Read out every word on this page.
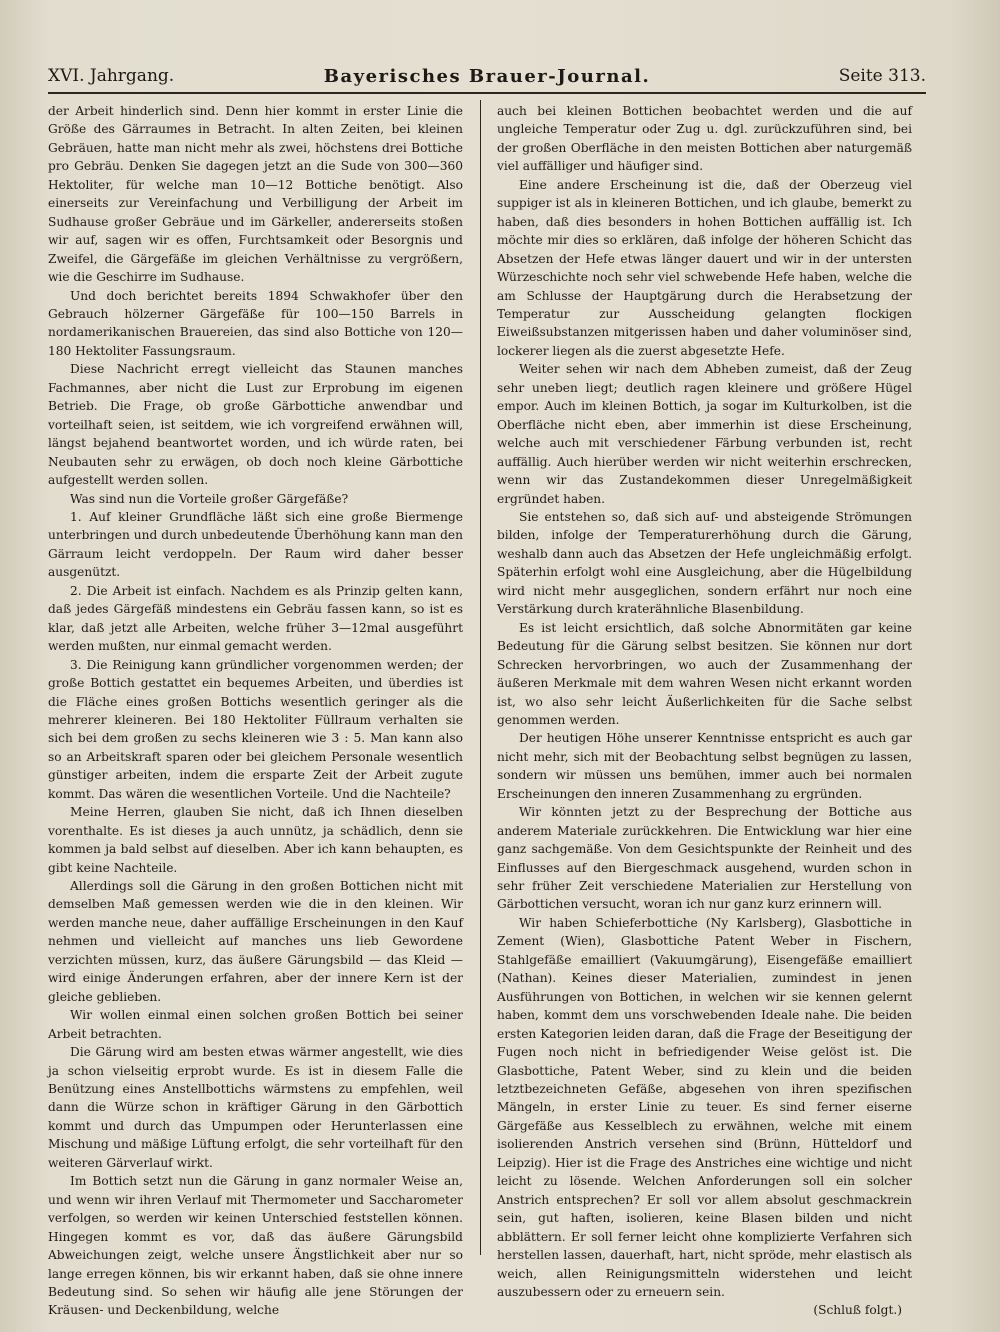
XVI. Jahrgang.	Bayerisches Brauer-Journal.	Seite 313.

der Arbeit hinderlich sind. Denn hier kommt in erster Linie die Größe des Gärraumes in Betracht. In alten Zeiten, bei kleinen Gebräuen, hatte man nicht mehr als zwei, höchstens drei Bottiche pro Gebräu. Denken Sie dagegen jetzt an die Sude von 300—360 Hektoliter, für welche man 10—12 Bottiche benötigt. Also einerseits zur Vereinfachung und Verbilligung der Arbeit im Sudhause großer Gebräue und im Gärkeller, andererseits stoßen wir auf, sagen wir es offen, Furchtsamkeit oder Besorgnis und Zweifel, die Gärgefäße im gleichen Verhältnisse zu vergrößern, wie die Geschirre im Sudhause.

Und doch berichtet bereits 1894 Schwakhofer über den Gebrauch hölzerner Gärgefäße für 100—150 Barrels in nordamerikanischen Brauereien, das sind also Bottiche von 120—180 Hektoliter Fassungsraum.

Diese Nachricht erregt vielleicht das Staunen manches Fachmannes, aber nicht die Lust zur Erprobung im eigenen Betrieb. Die Frage, ob große Gärbottiche anwendbar und vorteilhaft seien, ist seitdem, wie ich vorgreifend erwähnen will, längst bejahend beantwortet worden, und ich würde raten, bei Neubauten sehr zu erwägen, ob doch noch kleine Gärbottiche aufgestellt werden sollen.

Was sind nun die Vorteile großer Gärgefäße?

1. Auf kleiner Grundfläche läßt sich eine große Biermenge unterbringen und durch unbedeutende Überhöhung kann man den Gärraum leicht verdoppeln. Der Raum wird daher besser ausgenützt.

2. Die Arbeit ist einfach. Nachdem es als Prinzip gelten kann, daß jedes Gärgefäß mindestens ein Gebräu fassen kann, so ist es klar, daß jetzt alle Arbeiten, welche früher 3—12mal ausgeführt werden mußten, nur einmal gemacht werden.

3. Die Reinigung kann gründlicher vorgenommen werden; der große Bottich gestattet ein bequemes Arbeiten, und überdies ist die Fläche eines großen Bottichs wesentlich geringer als die mehrerer kleineren. Bei 180 Hektoliter Füllraum verhalten sie sich bei dem großen zu sechs kleineren wie 3 : 5. Man kann also so an Arbeitskraft sparen oder bei gleichem Personale wesentlich günstiger arbeiten, indem die ersparte Zeit der Arbeit zugute kommt. Das wären die wesentlichen Vorteile. Und die Nachteile?

Meine Herren, glauben Sie nicht, daß ich Ihnen dieselben vorenthalte. Es ist dieses ja auch unnütz, ja schädlich, denn sie kommen ja bald selbst auf dieselben. Aber ich kann behaupten, es gibt keine Nachteile.

Allerdings soll die Gärung in den großen Bottichen nicht mit demselben Maß gemessen werden wie die in den kleinen. Wir werden manche neue, daher auffällige Erscheinungen in den Kauf nehmen und vielleicht auf manches uns lieb Gewordene verzichten müssen, kurz, das äußere Gärungsbild — das Kleid — wird einige Änderungen erfahren, aber der innere Kern ist der gleiche geblieben.

Wir wollen einmal einen solchen großen Bottich bei seiner Arbeit betrachten.

Die Gärung wird am besten etwas wärmer angestellt, wie dies ja schon vielseitig erprobt wurde. Es ist in diesem Falle die Benützung eines Anstellbottichs wärmstens zu empfehlen, weil dann die Würze schon in kräftiger Gärung in den Gärbottich kommt und durch das Umpumpen oder Herunterlassen eine Mischung und mäßige Lüftung erfolgt, die sehr vorteilhaft für den weiteren Gärverlauf wirkt.

Im Bottich setzt nun die Gärung in ganz normaler Weise an, und wenn wir ihren Verlauf mit Thermometer und Saccharometer verfolgen, so werden wir keinen Unterschied feststellen können. Hingegen kommt es vor, daß das äußere Gärungsbild Abweichungen zeigt, welche unsere Ängstlichkeit aber nur so lange erregen können, bis wir erkannt haben, daß sie ohne innere Bedeutung sind. So sehen wir häufig alle jene Störungen der Kräusen- und Deckenbildung, welche

auch bei kleinen Bottichen beobachtet werden und die auf ungleiche Temperatur oder Zug u. dgl. zurückzuführen sind, bei der großen Oberfläche in den meisten Bottichen aber naturgemäß viel auffälliger und häufiger sind.

Eine andere Erscheinung ist die, daß der Oberzeug viel suppiger ist als in kleineren Bottichen, und ich glaube, bemerkt zu haben, daß dies besonders in hohen Bottichen auffällig ist. Ich möchte mir dies so erklären, daß infolge der höheren Schicht das Absetzen der Hefe etwas länger dauert und wir in der untersten Würzeschichte noch sehr viel schwebende Hefe haben, welche die am Schlusse der Hauptgärung durch die Herabsetzung der Temperatur zur Ausscheidung gelangten flockigen Eiweißsubstanzen mitgerissen haben und daher voluminöser sind, lockerer liegen als die zuerst abgesetzte Hefe.

Weiter sehen wir nach dem Abheben zumeist, daß der Zeug sehr uneben liegt; deutlich ragen kleinere und größere Hügel empor. Auch im kleinen Bottich, ja sogar im Kulturkolben, ist die Oberfläche nicht eben, aber immerhin ist diese Erscheinung, welche auch mit verschiedener Färbung verbunden ist, recht auffällig. Auch hierüber werden wir nicht weiterhin erschrecken, wenn wir das Zustandekommen dieser Unregelmäßigkeit ergründet haben.

Sie entstehen so, daß sich auf- und absteigende Strömungen bilden, infolge der Temperaturerhöhung durch die Gärung, weshalb dann auch das Absetzen der Hefe ungleichmäßig erfolgt. Späterhin erfolgt wohl eine Ausgleichung, aber die Hügelbildung wird nicht mehr ausgeglichen, sondern erfährt nur noch eine Verstärkung durch kraterähnliche Blasenbildung.

Es ist leicht ersichtlich, daß solche Abnormitäten gar keine Bedeutung für die Gärung selbst besitzen. Sie können nur dort Schrecken hervorbringen, wo auch der Zusammenhang der äußeren Merkmale mit dem wahren Wesen nicht erkannt worden ist, wo also sehr leicht Äußerlichkeiten für die Sache selbst genommen werden.

Der heutigen Höhe unserer Kenntnisse entspricht es auch gar nicht mehr, sich mit der Beobachtung selbst begnügen zu lassen, sondern wir müssen uns bemühen, immer auch bei normalen Erscheinungen den inneren Zusammenhang zu ergründen.

Wir könnten jetzt zu der Besprechung der Bottiche aus anderem Materiale zurückkehren. Die Entwicklung war hier eine ganz sachgemäße. Von dem Gesichtspunkte der Reinheit und des Einflusses auf den Biergeschmack ausgehend, wurden schon in sehr früher Zeit verschiedene Materialien zur Herstellung von Gärbottichen versucht, woran ich nur ganz kurz erinnern will.

Wir haben Schieferbottiche (Ny Karlsberg), Glasbottiche in Zement (Wien), Glasbottiche Patent Weber in Fischern, Stahlgefäße emailliert (Vakuumgärung), Eisengefäße emailliert (Nathan). Keines dieser Materialien, zumindest in jenen Ausführungen von Bottichen, in welchen wir sie kennen gelernt haben, kommt dem uns vorschwebenden Ideale nahe. Die beiden ersten Kategorien leiden daran, daß die Frage der Beseitigung der Fugen noch nicht in befriedigender Weise gelöst ist. Die Glasbottiche, Patent Weber, sind zu klein und die beiden letztbezeichneten Gefäße, abgesehen von ihren spezifischen Mängeln, in erster Linie zu teuer. Es sind ferner eiserne Gärgefäße aus Kesselblech zu erwähnen, welche mit einem isolierenden Anstrich versehen sind (Brünn, Hütteldorf und Leipzig). Hier ist die Frage des Anstriches eine wichtige und nicht leicht zu lösende. Welchen Anforderungen soll ein solcher Anstrich entsprechen? Er soll vor allem absolut geschmackrein sein, gut haften, isolieren, keine Blasen bilden und nicht abblättern. Er soll ferner leicht ohne komplizierte Verfahren sich herstellen lassen, dauerhaft, hart, nicht spröde, mehr elastisch als weich, allen Reinigungsmitteln widerstehen und leicht auszubessern oder zu erneuern sein.

(Schluß folgt.)
